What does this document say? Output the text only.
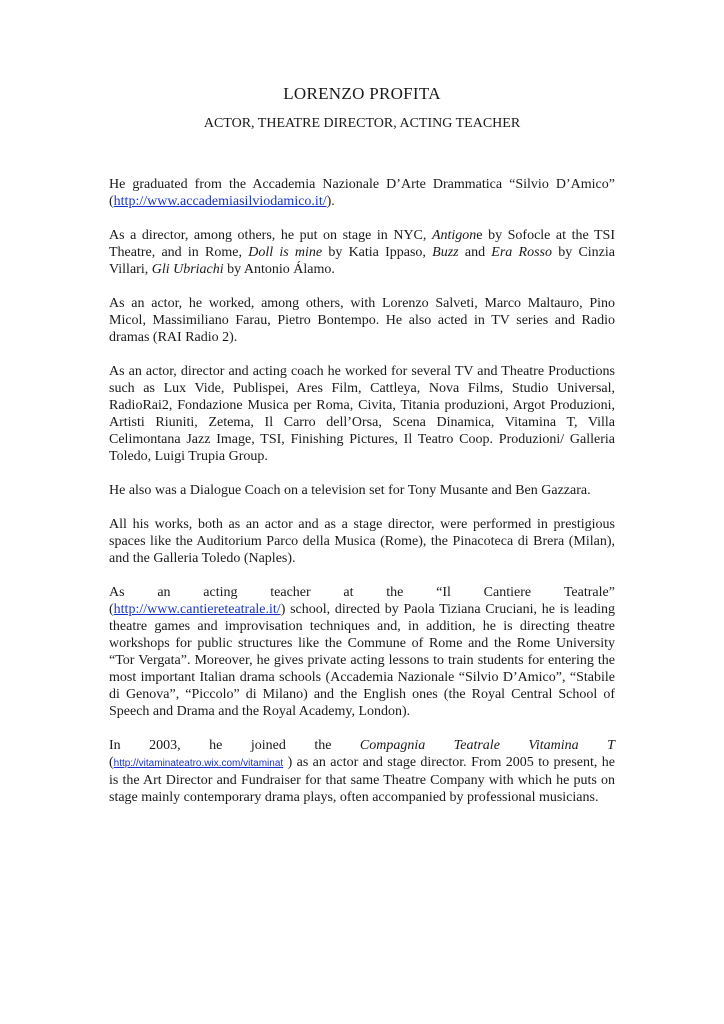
LORENZO PROFITA
ACTOR, THEATRE DIRECTOR, ACTING TEACHER

He graduated from the Accademia Nazionale D’Arte Drammatica “Silvio D’Amico” (http://www.accademiasilviodamico.it/).

As a director, among others, he put on stage in NYC, Antigone by Sofocle at the TSI Theatre, and in Rome, Doll is mine by Katia Ippaso, Buzz and Era Rosso by Cinzia Villari, Gli Ubriachi by Antonio Álamo.

As an actor, he worked, among others, with Lorenzo Salveti, Marco Maltauro, Pino Micol, Massimiliano Farau, Pietro Bontempo. He also acted in TV series and Radio dramas (RAI Radio 2).

As an actor, director and acting coach he worked for several TV and Theatre Productions such as Lux Vide, Publispei, Ares Film, Cattleya, Nova Films, Studio Universal, RadioRai2, Fondazione Musica per Roma, Civita, Titania produzioni, Argot Produzioni, Artisti Riuniti, Zetema, Il Carro dell’Orsa, Scena Dinamica, Vitamina T, Villa Celimontana Jazz Image, TSI, Finishing Pictures, Il Teatro Coop. Produzioni/ Galleria Toledo, Luigi Trupia Group.

He also was a Dialogue Coach on a television set for Tony Musante and Ben Gazzara.

All his works, both as an actor and as a stage director, were performed in prestigious spaces like the Auditorium Parco della Musica (Rome), the Pinacoteca di Brera (Milan), and the Galleria Toledo (Naples).

As an acting teacher at the “Il Cantiere Teatrale”
(http://www.cantiereteatrale.it/) school, directed by Paola Tiziana Cruciani, he is leading theatre games and improvisation techniques and, in addition, he is directing theatre workshops for public structures like the Commune of Rome and the Rome University “Tor Vergata”. Moreover, he gives private acting lessons to train students for entering the most important Italian drama schools (Accademia Nazionale “Silvio D’Amico”, “Stabile di Genova”, “Piccolo” di Milano) and the English ones (the Royal Central School of Speech and Drama and the Royal Academy, London).

In 2003, he joined the Compagnia Teatrale Vitamina T
(http://vitaminateatro.wix.com/vitaminat ) as an actor and stage director. From 2005 to present, he is the Art Director and Fundraiser for that same Theatre Company with which he puts on stage mainly contemporary drama plays, often accompanied by professional musicians.
